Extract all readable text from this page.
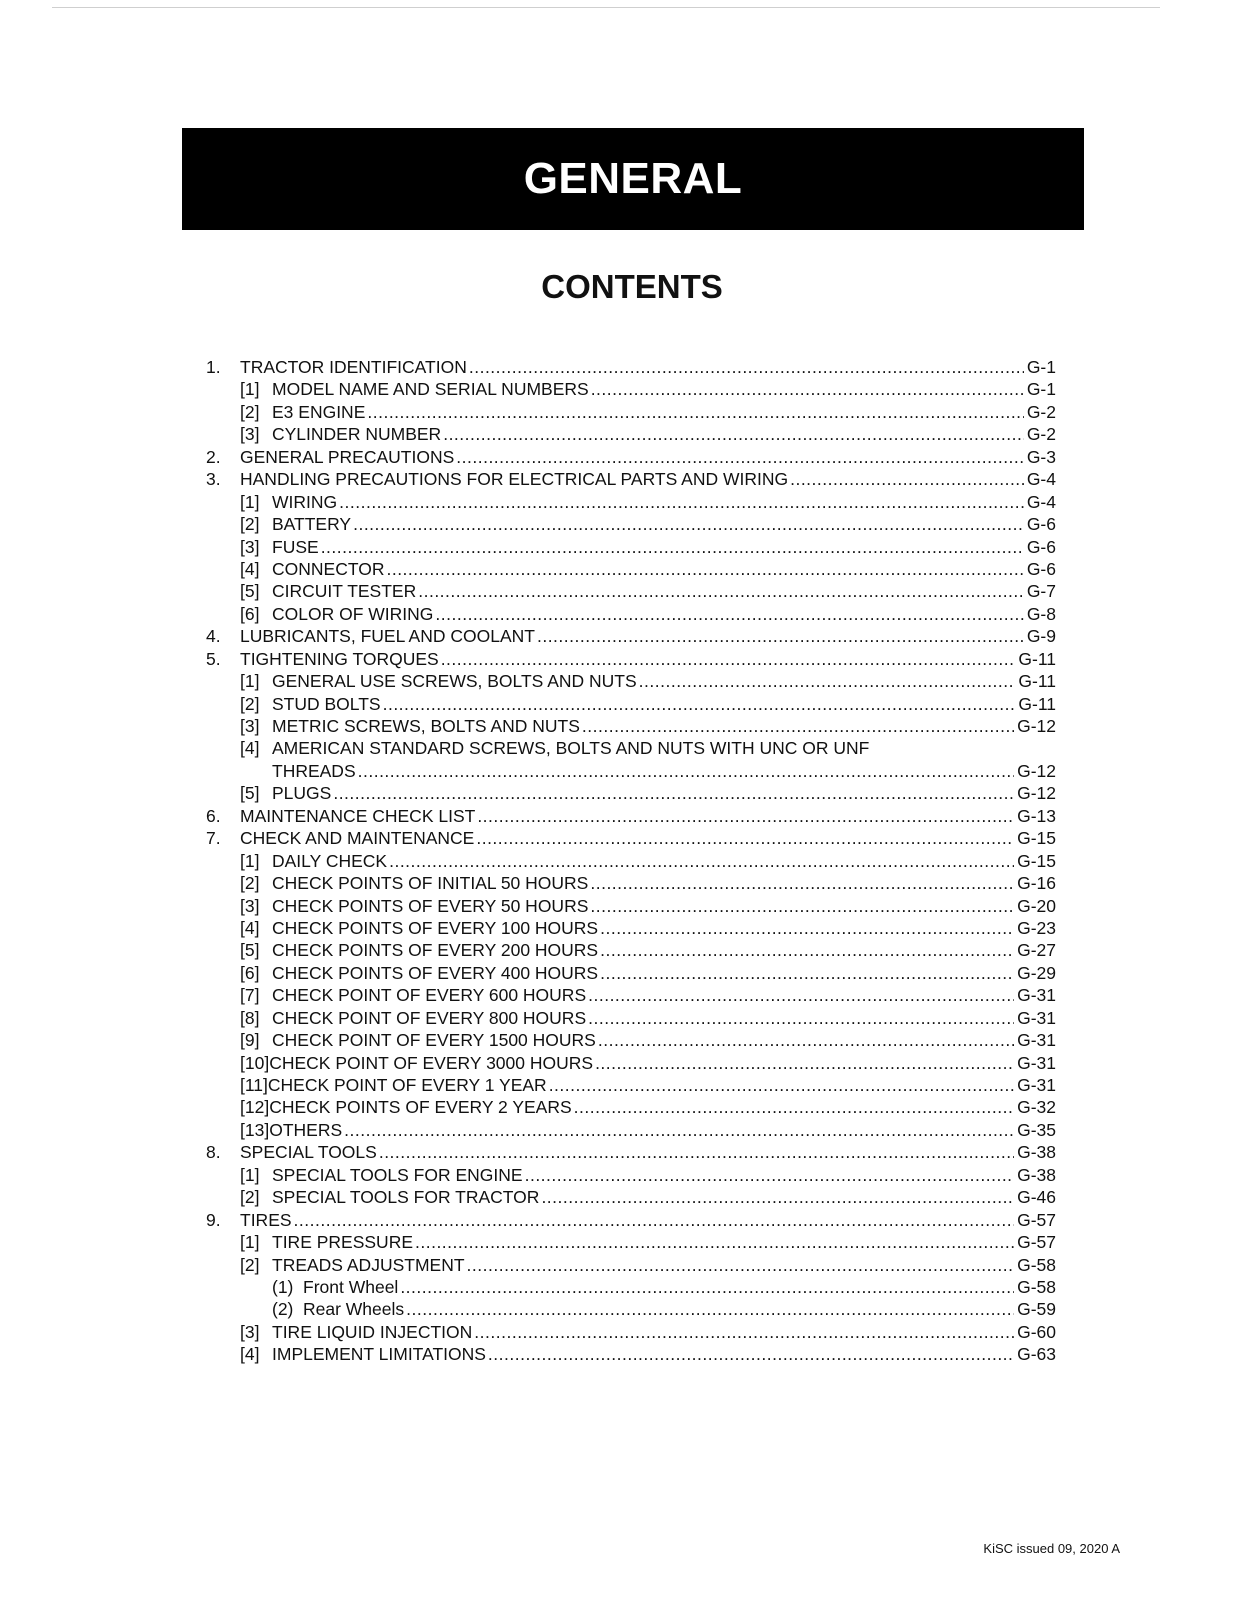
GENERAL
CONTENTS
1.	TRACTOR IDENTIFICATION .....	G-1
[1] MODEL NAME AND SERIAL NUMBERS .....	G-1
[2] E3 ENGINE .....	G-2
[3] CYLINDER NUMBER .....	G-2
2.	GENERAL PRECAUTIONS .....	G-3
3.	HANDLING PRECAUTIONS FOR ELECTRICAL PARTS AND WIRING .....	G-4
[1] WIRING .....	G-4
[2] BATTERY .....	G-6
[3] FUSE .....	G-6
[4] CONNECTOR .....	G-6
[5] CIRCUIT TESTER .....	G-7
[6] COLOR OF WIRING .....	G-8
4.	LUBRICANTS, FUEL AND COOLANT .....	G-9
5.	TIGHTENING TORQUES .....	G-11
[1] GENERAL USE SCREWS, BOLTS AND NUTS .....	G-11
[2] STUD BOLTS .....	G-11
[3] METRIC SCREWS, BOLTS AND NUTS .....	G-12
[4] AMERICAN STANDARD SCREWS, BOLTS AND NUTS WITH UNC OR UNF
THREADS .....	G-12
[5] PLUGS .....	G-12
6.	MAINTENANCE CHECK LIST .....	G-13
7.	CHECK AND MAINTENANCE .....	G-15
[1] DAILY CHECK .....	G-15
[2] CHECK POINTS OF INITIAL 50 HOURS .....	G-16
[3] CHECK POINTS OF EVERY 50 HOURS .....	G-20
[4] CHECK POINTS OF EVERY 100 HOURS .....	G-23
[5] CHECK POINTS OF EVERY 200 HOURS .....	G-27
[6] CHECK POINTS OF EVERY 400 HOURS .....	G-29
[7] CHECK POINT OF EVERY 600 HOURS .....	G-31
[8] CHECK POINT OF EVERY 800 HOURS .....	G-31
[9] CHECK POINT OF EVERY 1500 HOURS .....	G-31
[10] CHECK POINT OF EVERY 3000 HOURS .....	G-31
[11] CHECK POINT OF EVERY 1 YEAR .....	G-31
[12] CHECK POINTS OF EVERY 2 YEARS .....	G-32
[13] OTHERS .....	G-35
8.	SPECIAL TOOLS .....	G-38
[1] SPECIAL TOOLS FOR ENGINE .....	G-38
[2] SPECIAL TOOLS FOR TRACTOR .....	G-46
9.	TIRES .....	G-57
[1] TIRE PRESSURE .....	G-57
[2] TREADS ADJUSTMENT .....	G-58
(1) Front Wheel .....	G-58
(2) Rear Wheels .....	G-59
[3] TIRE LIQUID INJECTION .....	G-60
[4] IMPLEMENT LIMITATIONS .....	G-63
KiSC issued 09, 2020 A
